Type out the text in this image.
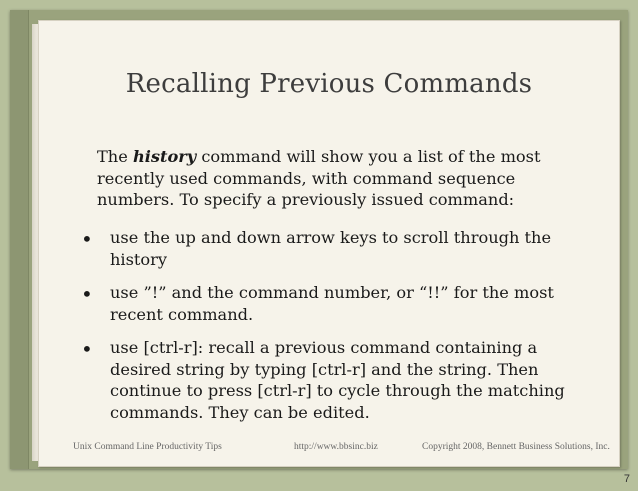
Recalling Previous Commands
The history command will show you a list of the most recently used commands, with command sequence numbers. To specify a previously issued command:
• use the up and down arrow keys to scroll through the history
• use ”!” and the command number, or “!!” for the most recent command.
• use [ctrl-r]: recall a previous command containing a desired string by typing [ctrl-r] and the string. Then continue to press [ctrl-r] to cycle through the matching commands. They can be edited.
Unix Command Line Productivity Tips	http://www.bbsinc.biz	Copyright 2008, Bennett Business Solutions, Inc.
7
